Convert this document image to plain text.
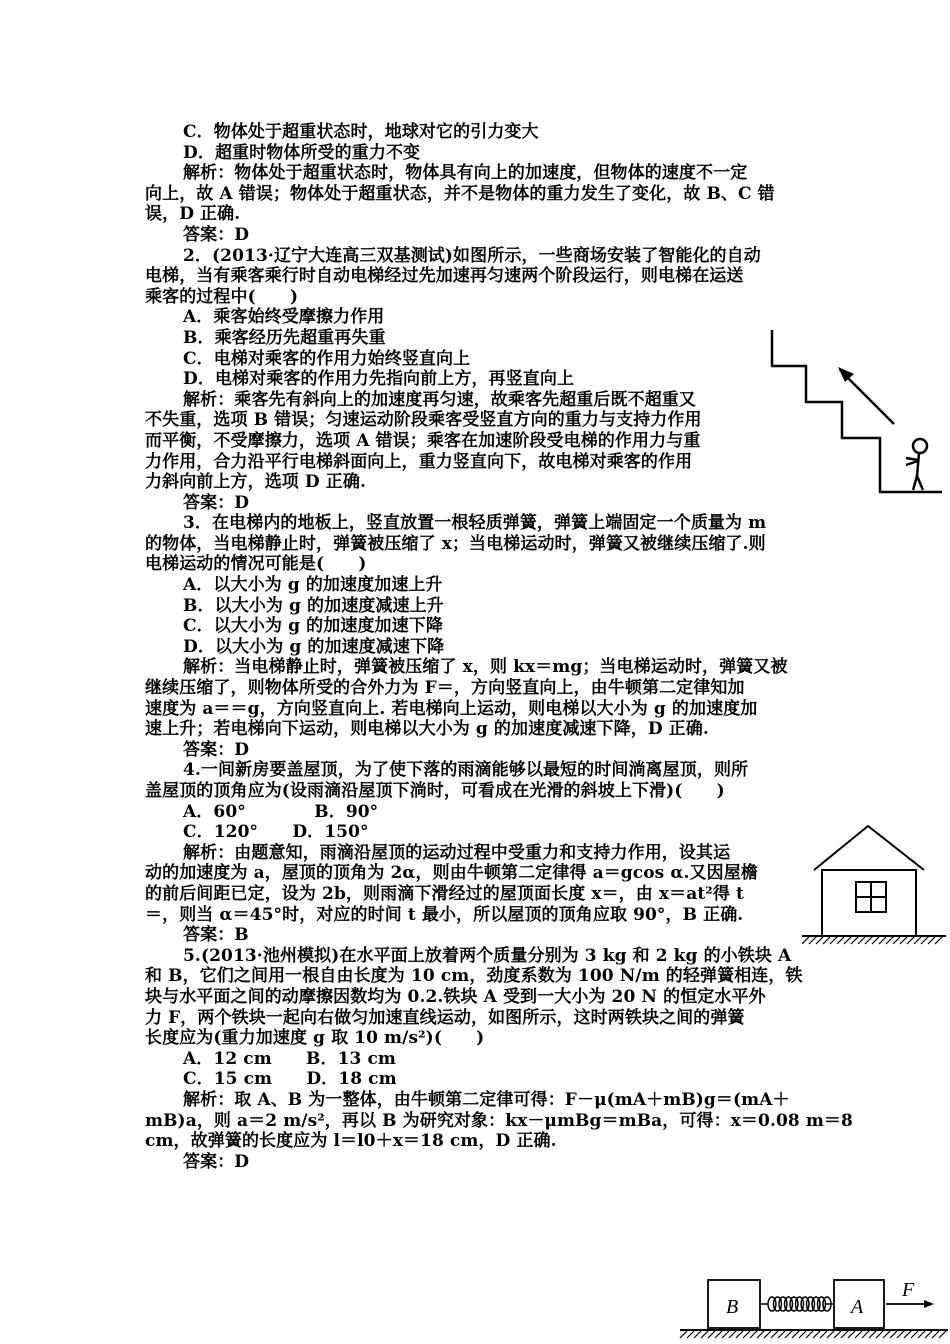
C．物体处于超重状态时，地球对它的引力变大
D．超重时物体所受的重力不变
解析：物体处于超重状态时，物体具有向上的加速度，但物体的速度不一定
向上，故 A 错误；物体处于超重状态，并不是物体的重力发生了变化，故 B、C 错
误，D 正确.
答案：D
2．(2013·辽宁大连高三双基测试)如图所示，一些商场安装了智能化的自动
电梯，当有乘客乘行时自动电梯经过先加速再匀速两个阶段运行，则电梯在运送
乘客的过程中(　　)
A．乘客始终受摩擦力作用
B．乘客经历先超重再失重
C．电梯对乘客的作用力始终竖直向上
D．电梯对乘客的作用力先指向前上方，再竖直向上
解析：乘客先有斜向上的加速度再匀速，故乘客先超重后既不超重又
不失重，选项 B 错误；匀速运动阶段乘客受竖直方向的重力与支持力作用
而平衡，不受摩擦力，选项 A 错误；乘客在加速阶段受电梯的作用力与重
力作用，合力沿平行电梯斜面向上，重力竖直向下，故电梯对乘客的作用
力斜向前上方，选项 D 正确.
答案：D
3．在电梯内的地板上，竖直放置一根轻质弹簧，弹簧上端固定一个质量为 m
的物体，当电梯静止时，弹簧被压缩了 x；当电梯运动时，弹簧又被继续压缩了.则
电梯运动的情况可能是(　　)
A．以大小为 g 的加速度加速上升
B．以大小为 g 的加速度减速上升
C．以大小为 g 的加速度加速下降
D．以大小为 g 的加速度减速下降
解析：当电梯静止时，弹簧被压缩了 x，则 kx＝mg；当电梯运动时，弹簧又被
继续压缩了，则物体所受的合外力为 F＝，方向竖直向上，由牛顿第二定律知加
速度为 a＝＝g，方向竖直向上. 若电梯向上运动，则电梯以大小为 g 的加速度加
速上升；若电梯向下运动，则电梯以大小为 g 的加速度减速下降，D 正确.
答案：D
4.一间新房要盖屋顶，为了使下落的雨滴能够以最短的时间淌离屋顶，则所
盖屋顶的顶角应为(设雨滴沿屋顶下淌时，可看成在光滑的斜坡上下滑)(　　)
A．60°　　　　B．90°
C．120°　　D．150°
解析：由题意知，雨滴沿屋顶的运动过程中受重力和支持力作用，设其运
动的加速度为 a，屋顶的顶角为 2α，则由牛顿第二定律得 a＝gcos α.又因屋檐
的前后间距已定，设为 2b，则雨滴下滑经过的屋顶面长度 x＝，由 x＝at²得 t
＝，则当 α＝45°时，对应的时间 t 最小，所以屋顶的顶角应取 90°，B 正确.
答案：B
5.(2013·池州模拟)在水平面上放着两个质量分别为 3 kg 和 2 kg 的小铁块 A
和 B，它们之间用一根自由长度为 10 cm，劲度系数为 100 N/m 的轻弹簧相连，铁
块与水平面之间的动摩擦因数均为 0.2.铁块 A 受到一大小为 20 N 的恒定水平外
力 F，两个铁块一起向右做匀加速直线运动，如图所示，这时两铁块之间的弹簧
长度应为(重力加速度 g 取 10 m/s²)(　　)
A．12 cm　　B．13 cm
C．15 cm　　D．18 cm
解析：取 A、B 为一整体，由牛顿第二定律可得：F－μ(mA＋mB)g＝(mA＋
mB)a，则 a＝2 m/s²，再以 B 为研究对象：kx－μmBg＝mBa，可得：x＝0.08 m＝8
cm，故弹簧的长度应为 l＝l0＋x＝18 cm，D 正确.
答案：D
B	A
F
